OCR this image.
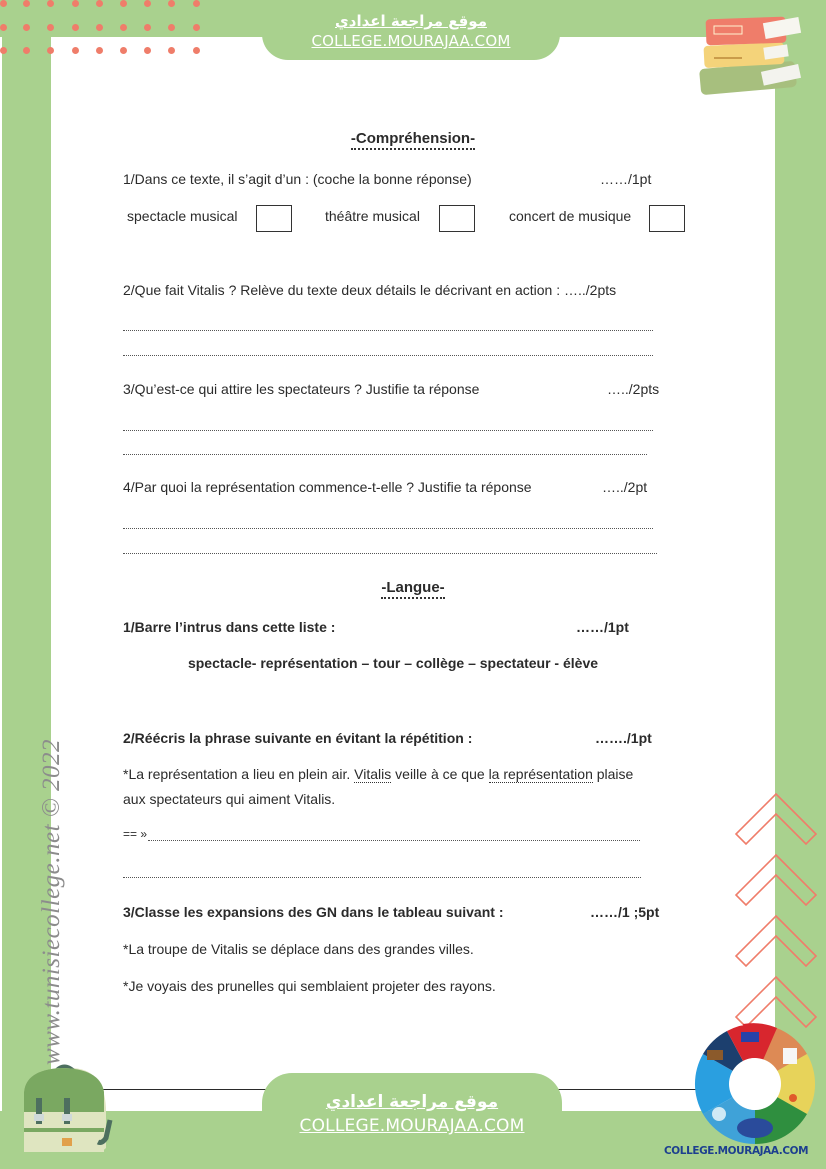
موقع مراجعة اعدادي
COLLEGE.MOURAJAA.COM
www.tunisiecollege.net © 2022
-Compréhension-
1/Dans ce texte, il s’agit d’un : (coche la bonne réponse)	……/1pt
spectacle musical	théâtre musical	concert de musique
2/Que fait Vitalis ? Relève du texte deux détails le décrivant en action : …../2pts
3/Qu’est-ce qui attire les spectateurs ? Justifie ta réponse	…../2pts
4/Par quoi la représentation commence-t-elle ? Justifie ta réponse	…../2pt
-Langue-
1/Barre l’intrus dans cette liste :	……/1pt
spectacle- représentation – tour – collège – spectateur - élève
2/Réécris la phrase suivante en évitant la répétition :	……./1pt
*La représentation a lieu en plein air. Vitalis veille à ce que la représentation plaise aux spectateurs qui aiment Vitalis.
== »
3/Classe les expansions des GN dans le tableau suivant :	……/1 ;5pt
*La troupe de Vitalis se déplace dans des grandes villes.
*Je voyais des prunelles qui semblaient projeter des rayons.
موقع مراجعة اعدادي
COLLEGE.MOURAJAA.COM
COLLEGE.MOURAJAA.COM
